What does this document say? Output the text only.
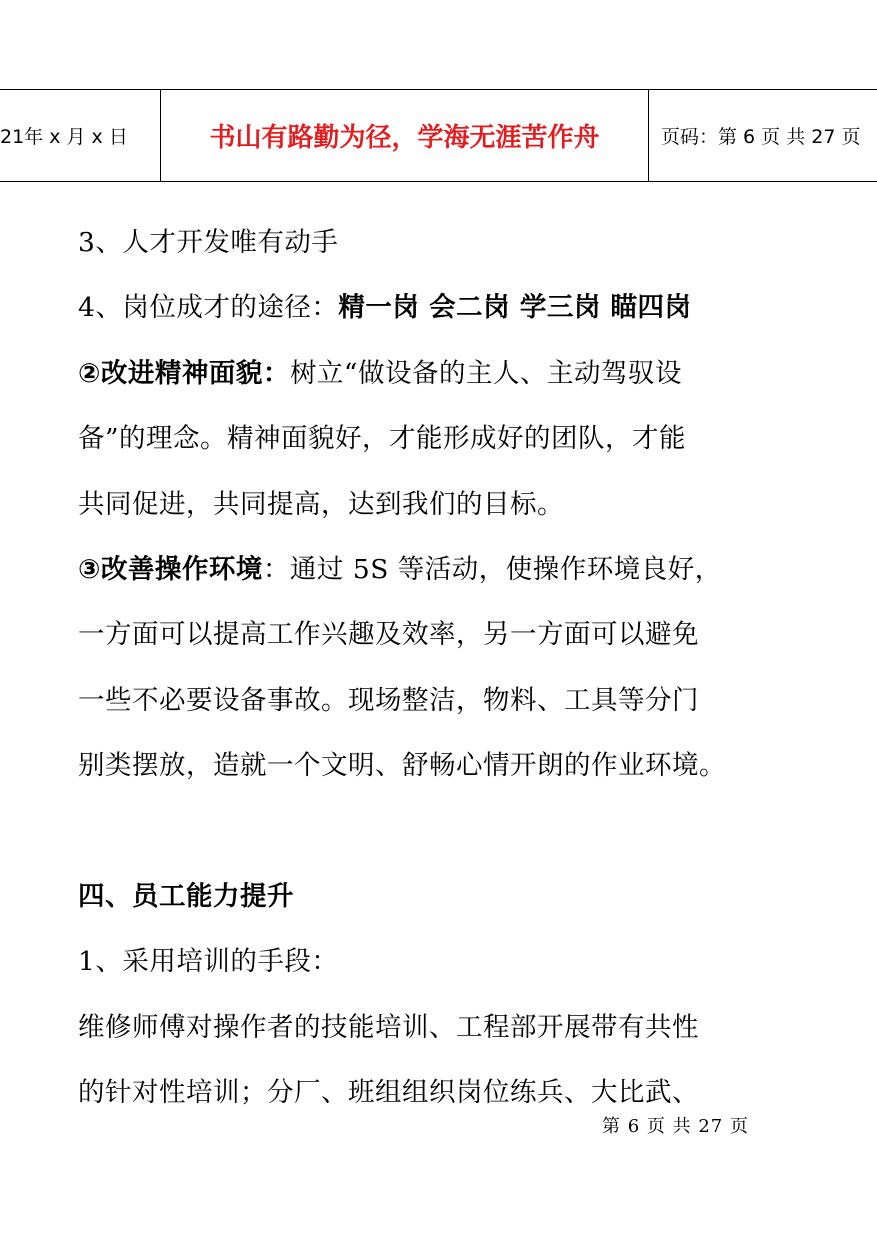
21年 x 月 x 日	书山有路勤为径，学海无涯苦作舟	页码：第 6 页 共 27 页
3、人才开发唯有动手
4、岗位成才的途径：精一岗 会二岗 学三岗 瞄四岗
②改进精神面貌：树立“做设备的主人、主动驾驭设
备”的理念。精神面貌好，才能形成好的团队，才能
共同促进，共同提高，达到我们的目标。
③改善操作环境：通过 5S 等活动，使操作环境良好，
一方面可以提高工作兴趣及效率，另一方面可以避免
一些不必要设备事故。现场整洁，物料、工具等分门
别类摆放，造就一个文明、舒畅心情开朗的作业环境。
四、员工能力提升
1、采用培训的手段：
维修师傅对操作者的技能培训、工程部开展带有共性
的针对性培训；分厂、班组组织岗位练兵、大比武、
第 6 页 共 27 页
